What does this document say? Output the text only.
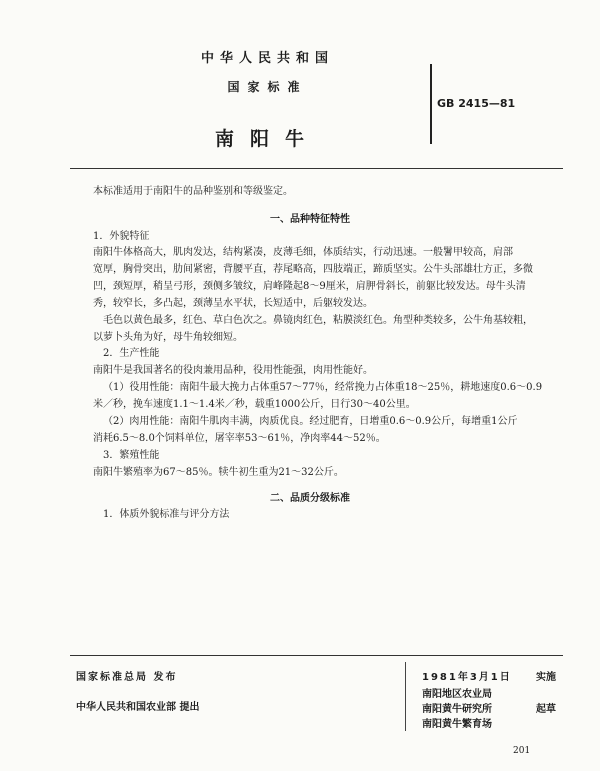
中华人民共和国
国家标准
南阳牛
GB 2415—81
本标准适用于南阳牛的品种鉴别和等级鉴定。
一、品种特征特性
1．外貌特征
南阳牛体格高大，肌肉发达，结构紧凑，皮薄毛细，体质结实，行动迅速。一般鬐甲较高，肩部
宽厚，胸骨突出，肋间紧密，背腰平直，荐尾略高，四肢端正，蹄质坚实。公牛头部雄壮方正，多微
凹，颈短厚，稍呈弓形，颈侧多皱纹，肩峰隆起8～9厘米，肩胛骨斜长，前躯比较发达。母牛头清
秀，较窄长，多凸起，颈薄呈水平状，长短适中，后躯较发达。
毛色以黄色最多，红色、草白色次之。鼻镜肉红色，粘膜淡红色。角型种类较多，公牛角基较粗，
以萝卜头角为好，母牛角较细短。
2．生产性能
南阳牛是我国著名的役肉兼用品种，役用性能强，肉用性能好。
（1）役用性能：南阳牛最大挽力占体重57～77％，经常挽力占体重18～25％，耕地速度0.6～0.9
米／秒，挽车速度1.1～1.4米／秒，载重1000公斤，日行30～40公里。
（2）肉用性能：南阳牛肌肉丰满，肉质优良。经过肥育，日增重0.6～0.9公斤，每增重1公斤
消耗6.5～8.0个饲料单位，屠宰率53～61％，净肉率44～52％。
3．繁殖性能
南阳牛繁殖率为67～85％。犊牛初生重为21～32公斤。
二、品质分级标准
1．体质外貌标准与评分方法
国家标准总局 发布
中华人民共和国农业部 提出
1981年3月1日 实施
南阳地区农业局
南阳黄牛研究所	起草
南阳黄牛繁育场
201
